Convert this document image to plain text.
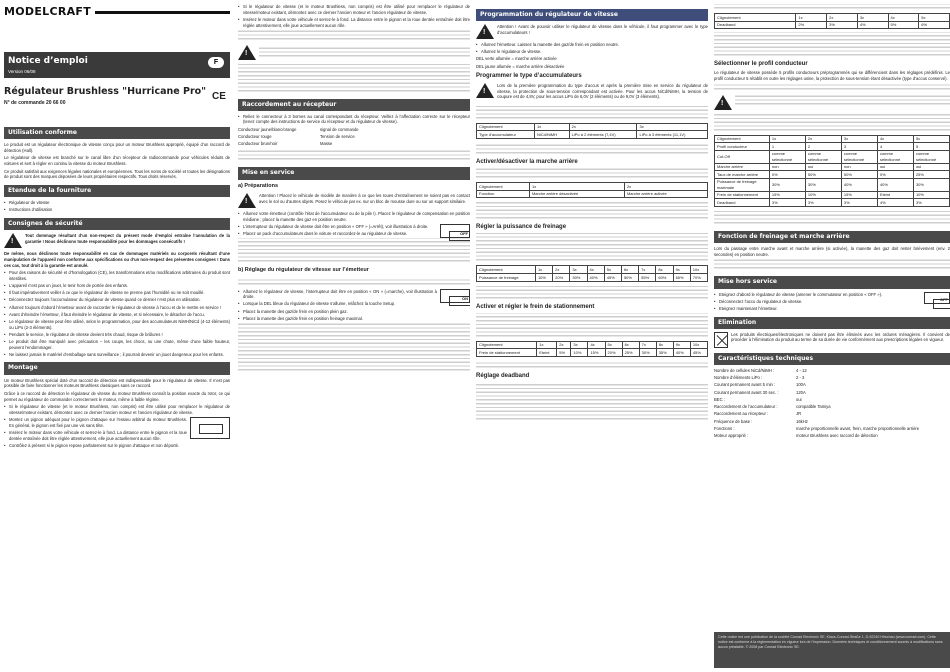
MODELCRAFT
Notice d’emploi
Version 06/08
F
Régulateur Brushless "Hurricane Pro"
N° de commande 20 66 00
CE
Utilisation conforme
Le produit est un régulateur électronique de vitesse conçu pour un moteur Brushless approprié, équipé d’un raccord de détection (Hall).
Le régulateur de vitesse est branché sur le canal libre d’un récepteur de radiocommande pour véhicules réduits de voitures et sert à régler en continu la vitesse du moteur Brushless.
Ce produit satisfait aux exigences légales nationales et européennes. Tous les noms de société et toutes les désignations de produit sont des marques déposées de leurs propriétaires respectifs. Tous droits réservés.
Etendue de la fourniture
• Régulateur de vitesse
• Instructions d’utilisation
Consignes de sécurité
!
Tout dommage résultant d’un non-respect du présent mode d’emploi entraîne l’annulation de la garantie ! Nous déclinons toute responsabilité pour les dommages consécutifs !
De même, nous déclinons toute responsabilité en cas de dommages matériels ou corporels résultant d’une manipulation de l’appareil non conforme aux spécifications ou d’un non-respect des présentes consignes ! Dans ces cas, tout droit à la garantie est annulé.
• Pour des raisons de sécurité et d’homologation (CE), les transformations et/ou modifications arbitraires du produit sont interdites.
• L’appareil n’est pas un jouet, le tenir hors de portée des enfants.
• Il faut impérativement veiller à ce que le régulateur de vitesse ne prenne pas l’humidité ou ne soit mouillé.
• Déconnectez toujours l’accumulateur du régulateur de vitesse quand ce dernier n’est plus en utilisation.
• Allumez toujours d’abord l’émetteur avant de raccorder le régulateur de vitesse à l’accu et de le mettre en service !
• Avant d’éteindre l’émetteur, il faut éteindre le régulateur de vitesse, et si nécessaire, le détacher de l’accu.
• Le régulateur de vitesse peut être utilisé, selon le programmation, pour des accumulateurs NiMH/NiCd (4-12 éléments) ou LiPo (2-3 éléments).
• Pendant le service, le régulateur de vitesse devient très chaud, risque de brûlures !
• Le produit doit être manipulé avec précaution – les coups, les chocs, ou une chute, même d’une faible hauteur, peuvent l’endommager.
• Ne laissez jamais le matériel d’emballage sans surveillance ; il pourrait devenir un jouet dangereux pour les enfants.
Montage
Un moteur Brushless spécial doté d’un raccord de détection est indispensable pour le régulateur de vitesse. Il n’est pas possible de faire fonctionner les moteurs Brushless classiques sans ce raccord.
Grâce à ce raccord de détection le régulateur de vitesse du moteur Brushless connaît la position exacte du rotor, ce qui permet au régulateur de commander correctement le moteur, même à faible régime.
• Si le régulateur de vitesse (et le moteur Brushless, non compris) est être utilisé pour remplacer le régulateur de vitesse/moteur existant, démontez avec ce dernier l’ancien moteur et l’ancien régulateur de vitesse.
• Montez un pignon adéquat pour le pignon d’attaque sur l’essieu arbitral du moteur Brushless. En général, le pignon est fixé par une vis sans tête.
• Insérez le moteur dans votre véhicule et serrez-le à fond. La distance entre le pignon et la roue dentée entraînée doit être réglée attentivement, elle joue actuellement aucun rôle.
• Contrôlez à présent si le pignon repose parfaitement sur le pignon d’attaque et non déporté.
• Si le régulateur de vitesse (et le moteur Brushless, non compris) est être utilisé pour remplacer le régulateur de vitesse/moteur existant, démontez avec ce dernier l’ancien moteur et l’ancien régulateur de vitesse.
• Insérez le moteur dans votre véhicule et serrez-le à fond. La distance entre le pignon et la roue dentée entraînée doit être réglée attentivement, elle joue actuellement aucun rôle.
!
Raccordement au récepteur
• Reliez le connecteur à 3 bornes au canal correspondant du récepteur. Veillez à l’affectation correcte sur le récepteur (tenez compte des instructions de service du récepteur et du régulateur de vitesse).
Conducteur jaune/blanc/orange	signal de commande
Conducteur rouge	Tension de service
Conducteur brun/noir	Masse
Mise en service
a) Préparations
!
Attention ! Placez le véhicule de modèle de manière à ce que les roues d’entraînement ne soient pas en contact avec le sol ou d’autres objets. Posez le véhicule par ex. sur un bloc de mousse dure ou sur un support similaire.
• Allumez votre émetteur (contrôle l’état de l’accumulateur ou de la pile !). Placez le régulateur de compensation en position médiane ; placez la manette des gaz en position neutre.
• OFF
L’interrupteur du régulateur de vitesse doit être en position « OFF » (=Arrêt), voir illustration à droite.
• Placez un pack d’accumulateurs dans le voiture et raccordez-le au régulateur de vitesse.
b) Réglage du régulateur de vitesse sur l’émetteur
• ON
Allumez le régulateur de vitesse, l’interrupteur doit être en position « ON » (=marche), voir illustration à droite.
• Lorsque la DEL bleue du régulateur de vitesse s’allume, relâchez la touche Setup.
• Placez la manette des gaz/de frein en position plein gaz.
• Placez la manette des gaz/de frein en position freinage maximal.
Programmation du régulateur de vitesse
!
Attention ! Avant de pouvoir utiliser le régulateur de vitesse dans le véhicule, il faut programmer avec le type d’accumulateurs !
• Allumez l’émetteur. Laissez la manette des gaz/de frein en position neutre.
• Allumez le régulateur de vitesse.
DEL verte allumée = marche arrière activée
DEL jaune allumée = marche arrière désactivée
Programmer le type d’accumulateurs
!
Lors de la première programmation du type d’accus et après la première mise en service du régulateur de vitesse, la protection de sous-tension correspondant est activée. Pour les accus NiCd/NiMH, la tension de coupure est de 4,8V, pour les accus LiPo de 6,0V (2 éléments) ou de 9,0V (3 éléments).
Clignotement	1x	2x	3x
Type d’accumulateur	NiCd/NiMH	LiPo à 2 éléments (7,4V)	LiPo à 3 éléments (11,1V)
Activer/désactiver la marche arrière
Clignotement	1x	2x
Fonction	Marche arrière désactivée	Marche arrière activée
Régler la puissance de freinage
Clignotement	1x	2x	3x	4x	5x	6x	7x	8x	9x	10x
Puissance de freinage	10%	20%	30%	40%	45%	50%	55%	60%	65%	70%
Activer et régler le frein de stationnement
Clignotement	1x	2x	3x	4x	5x	6x	7x	8x	9x	10x
Frein de stationnement	Eteint	5%	10%	15%	20%	25%	30%	35%	40%	45%
Réglage deadband
Clignotement	1x	2x	3x	4x	5x
Deadband	2%	3%	4%	5%	6%
Sélectionner le profil conducteur
Le régulateur de vitesse possède 5 profils conducteurs préprogrammés qui se différencient dans les réglages prédéfinis. Le profil conducteur 5 rétablit en outre les réglages usine, la protection de sous-tension étant désactivée (type d’accus conservé).
!
Clignotement	1x	2x	3x	4x	5x
Profil conducteur	1	2	3	4	5
Cut-Off	comme sélectionné	comme sélectionné	comme sélectionné	comme sélectionné	comme sélectionné
Marche arrière	non	oui	non	oui	oui
Taux de marche arrière	0%	50%	50%	0%	25%
Puissance de freinage maximale	30%	30%	40%	40%	30%
Frein de stationnement	15%	10%	15%	Eteint	10%
Deadband	3%	3%	3%	4%	3%
Fonction de freinage et marche arrière
Lors du passage entre marche avant et marche arrière (si activée), la manette des gaz doit rester brièvement (env. 2 secondes) en position neutre.
Mise hors service
• OFF
Eteignez d’abord le régulateur de vitesse (amener le commutateur en position « OFF »).
• Déconnectez l’accu du régulateur de vitesse.
• Eteignez maintenant l’émetteur.
Elimination
Les produits électriques/électroniques ne doivent pas être éliminés avec les ordures ménagères. Il convient de procéder à l’élimination du produit au terme de sa durée de vie conformément aux prescriptions légales en vigueur.
Caractéristiques techniques
Nombre de cellules NiCd/NiMH :	4 - 12
Nombre d’éléments LiPo :	2 - 3
Courant permanent avant 5 min :	100A
Courant permanent avant 30 sec. :	120A
BEC :	oui
Raccordement de l’accumulateur :	compatible Tamiya
Raccordement au récepteur :	JR
Fréquence de base :	16kHz
Fonctions :	marche proportionnelle avant, frein, marche proportionnelle arrière
Moteur approprié :	moteur Brushless avec raccord de détection
Cette notice est une publication de la société Conrad Electronic SE, Klaus-Conrad-Straße 1, D-92240 Hirschau (www.conrad.com). Cette notice est conforme à la réglementation en vigueur lors de l’impression. Données techniques et conditionnement soumis à modifications sans aucun préalable. © 2008 par Conrad Electronic SE.
